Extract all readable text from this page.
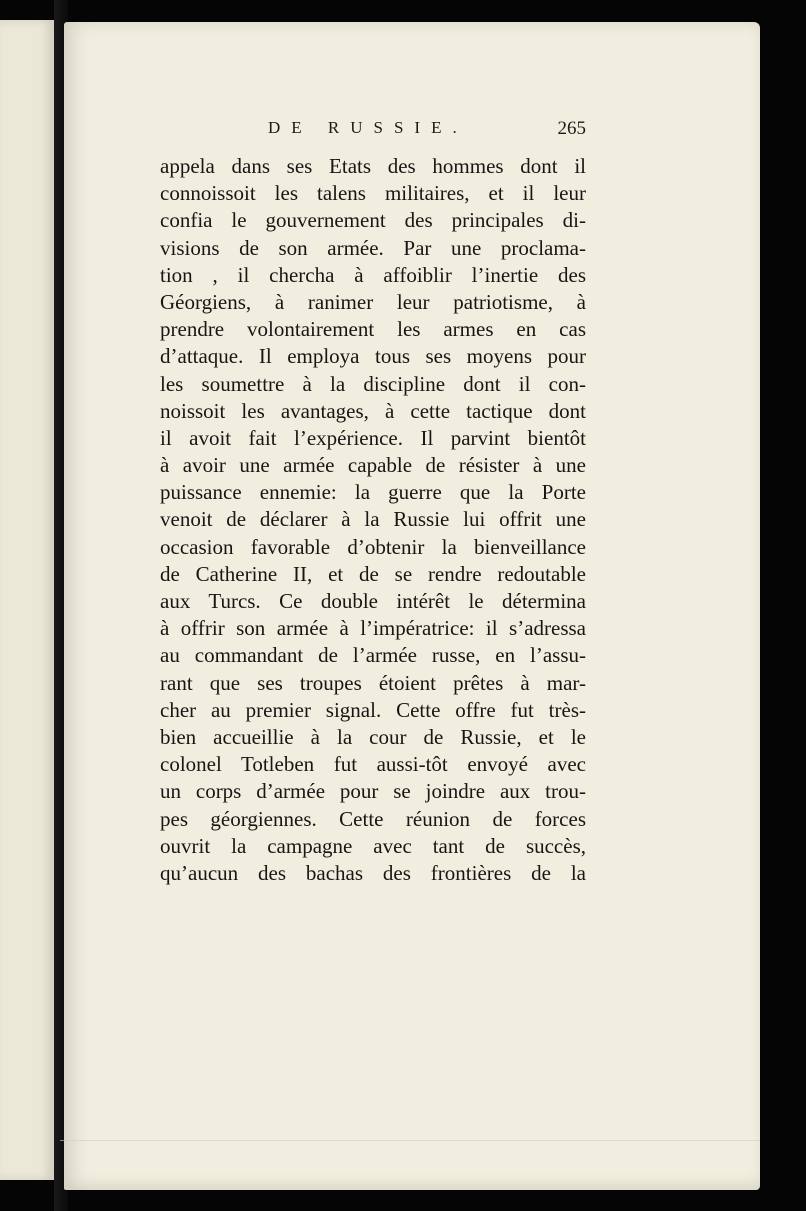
DE RUSSIE.	265
appela dans ses Etats des hommes dont il
connoissoit les talens militaires, et il leur
confia le gouvernement des principales di-
visions de son armée. Par une proclama-
tion , il chercha à affoiblir l’inertie des
Géorgiens, à ranimer leur patriotisme, à
prendre volontairement les armes en cas
d’attaque. Il employa tous ses moyens pour
les soumettre à la discipline dont il con-
noissoit les avantages, à cette tactique dont
il avoit fait l’expérience. Il parvint bientôt
à avoir une armée capable de résister à une
puissance ennemie: la guerre que la Porte
venoit de déclarer à la Russie lui offrit une
occasion favorable d’obtenir la bienveillance
de Catherine II, et de se rendre redoutable
aux Turcs. Ce double intérêt le détermina
à offrir son armée à l’impératrice: il s’adressa
au commandant de l’armée russe, en l’assu-
rant que ses troupes étoient prêtes à mar-
cher au premier signal. Cette offre fut très-
bien accueillie à la cour de Russie, et le
colonel Totleben fut aussi-tôt envoyé avec
un corps d’armée pour se joindre aux trou-
pes géorgiennes. Cette réunion de forces
ouvrit la campagne avec tant de succès,
qu’aucun des bachas des frontières de la
